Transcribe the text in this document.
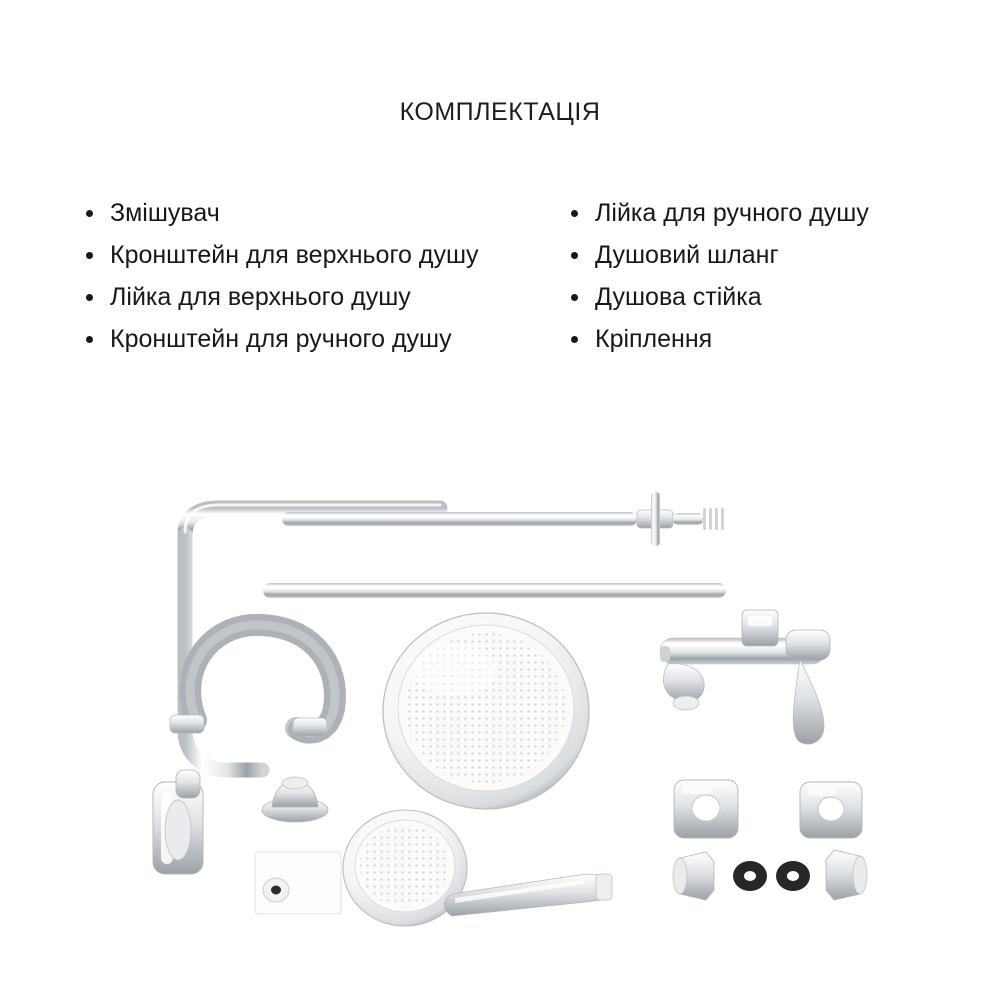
КОМПЛЕКТАЦІЯ
Змішувач
Кронштейн для верхнього душу
Лійка для верхнього душу
Кронштейн для ручного душу
Лійка для ручного душу
Душовий шланг
Душова стійка
Кріплення
